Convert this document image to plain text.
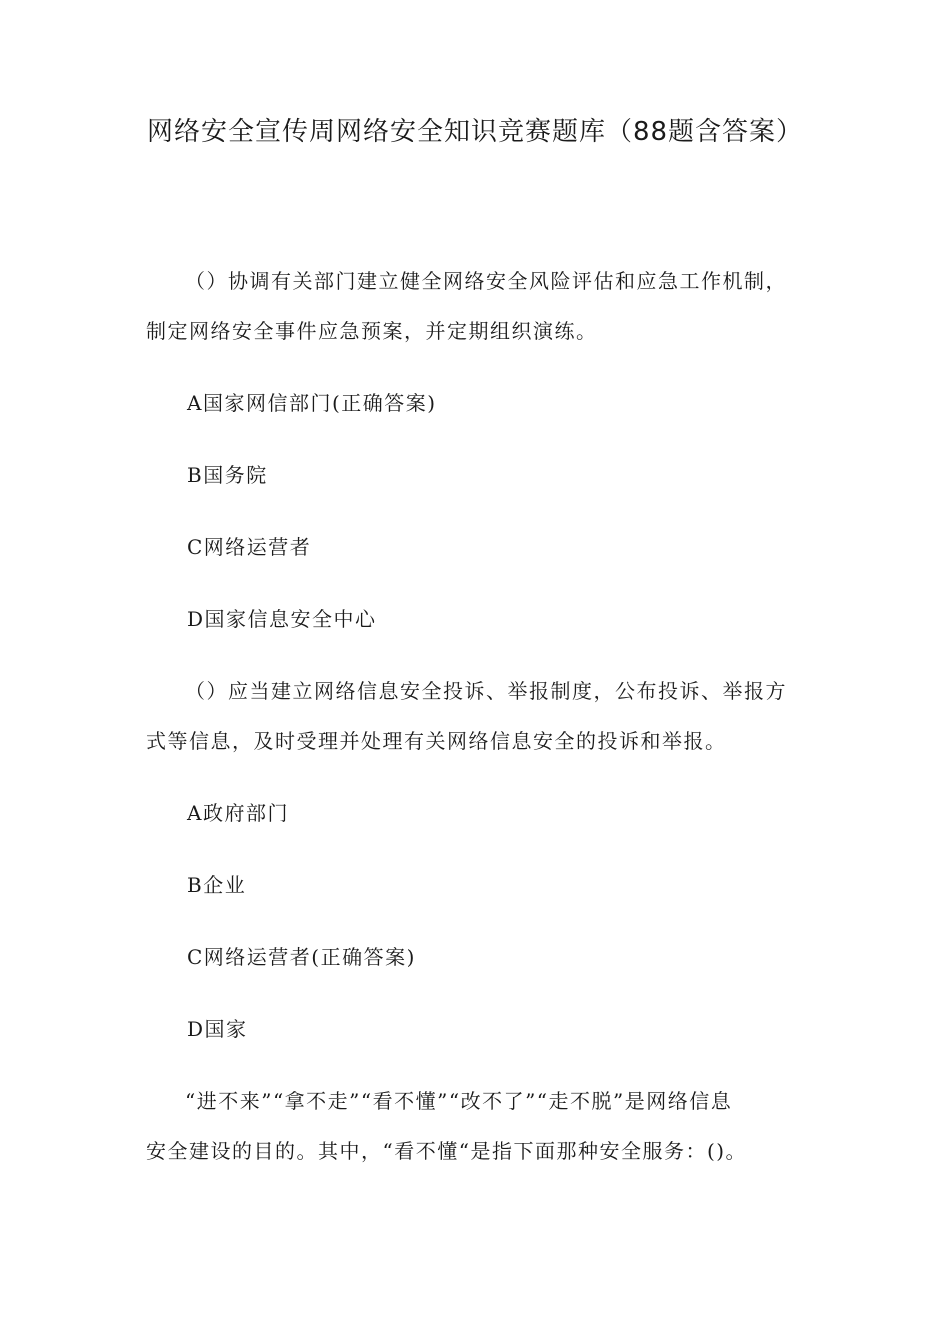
网络安全宣传周网络安全知识竞赛题库（88题含答案）
（）协调有关部门建立健全网络安全风险评估和应急工作机制，
制定网络安全事件应急预案，并定期组织演练。
A国家网信部门(正确答案)
B国务院
C网络运营者
D国家信息安全中心
（）应当建立网络信息安全投诉、举报制度，公布投诉、举报方
式等信息，及时受理并处理有关网络信息安全的投诉和举报。
A政府部门
B企业
C网络运营者(正确答案)
D国家
“进不来”“拿不走”“看不懂”“改不了”“走不脱”是网络信息
安全建设的目的。其中，“看不懂“是指下面那种安全服务：()。
